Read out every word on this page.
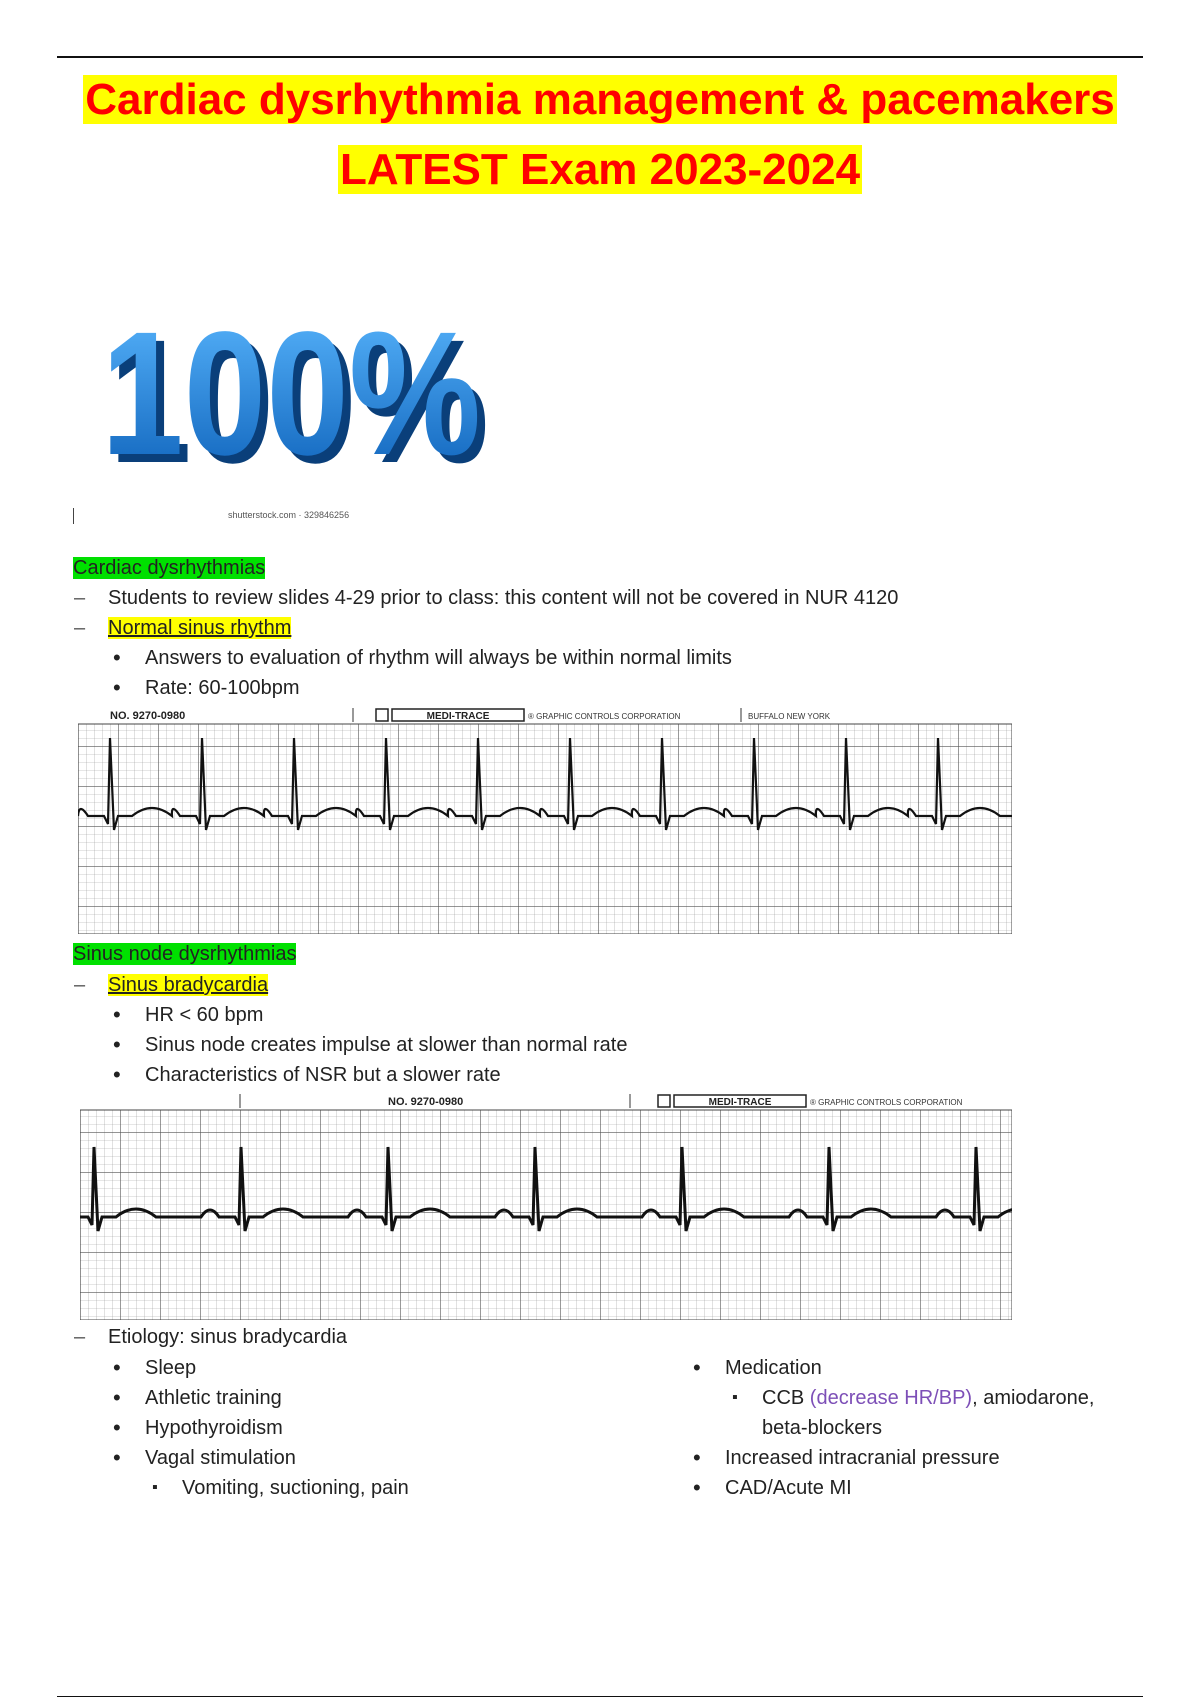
Cardiac dysrhythmia management & pacemakers

LATEST Exam 2023-2024

100%
100%
shutterstock.com · 329846256
Cardiac dysrhythmias
– Students to review slides 4-29 prior to class: this content will not be covered in NUR 4120
– Normal sinus rhythm
• Answers to evaluation of rhythm will always be within normal limits
• Rate: 60-100bpm
NO. 9270-0980	MEDI-TRACE	® GRAPHIC CONTROLS CORPORATION	BUFFALO NEW YORK
Sinus node dysrhythmias
– Sinus bradycardia
• HR < 60 bpm
• Sinus node creates impulse at slower than normal rate
• Characteristics of NSR but a slower rate
NO. 9270-0980	MEDI-TRACE	® GRAPHIC CONTROLS CORPORATION
– Etiology: sinus bradycardia
• Sleep
• Athletic training
• Hypothyroidism
• Vagal stimulation
▪ Vomiting, suctioning, pain
• Medication
▪ CCB (decrease HR/BP), amiodarone,
beta-blockers
• Increased intracranial pressure
• CAD/Acute MI
